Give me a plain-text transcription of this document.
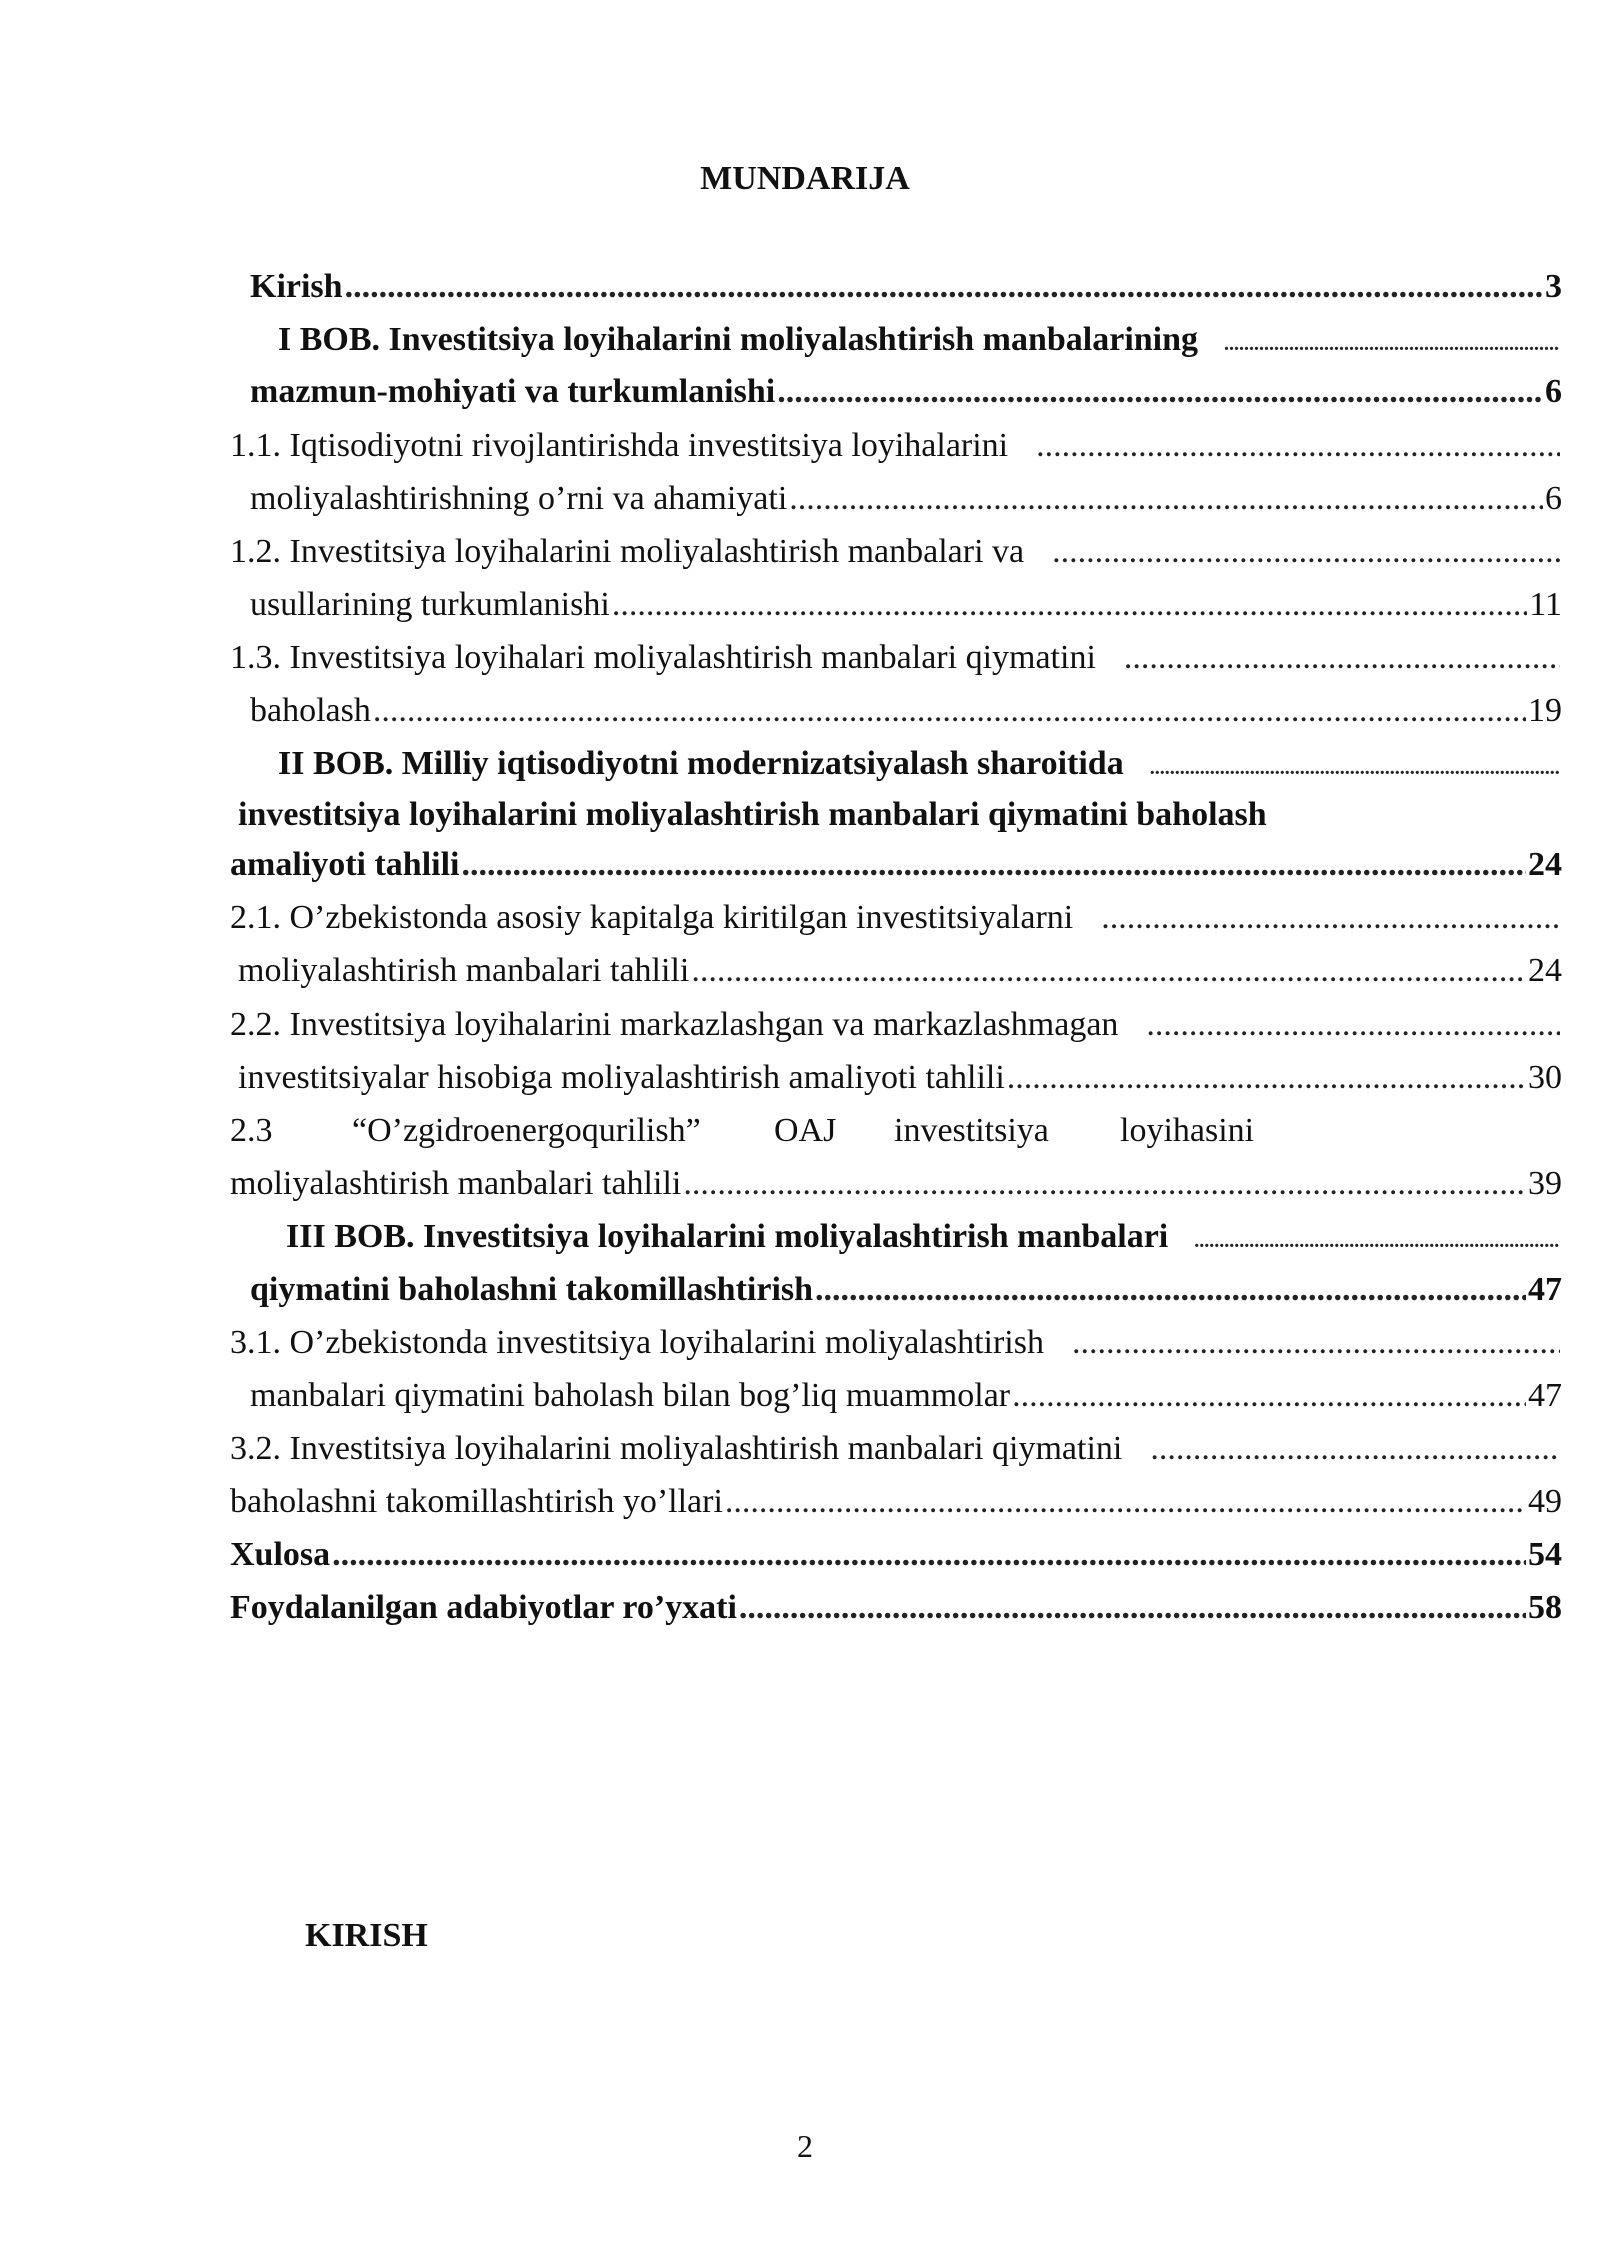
MUNDARIJA
Kirish .....	3
I BOB. Investitsiya loyihalarini moliyalashtirish manbalarining
.....
mazmun-mohiyati va turkumlanishi .....	6
1.1. Iqtisodiyotni rivojlantirishda investitsiya loyihalarini
.....
moliyalashtirishning o’rni va ahamiyati .....	6
1.2. Investitsiya loyihalarini moliyalashtirish manbalari va
.....
usullarining turkumlanishi .....	11
1.3. Investitsiya loyihalari moliyalashtirish manbalari qiymatini
.....
baholash .....	19
II BOB. Milliy iqtisodiyotni modernizatsiyalash sharoitida
.....
investitsiya loyihalarini moliyalashtirish manbalari qiymatini baholash
amaliyoti tahlili .....	24
2.1. O’zbekistonda asosiy kapitalga kiritilgan investitsiyalarni
.....
moliyalashtirish manbalari tahlili .....	24
2.2. Investitsiya loyihalarini markazlashgan va markazlashmagan
.....
investitsiyalar hisobiga moliyalashtirish amaliyoti tahlili .....	30
2.3 “O’zgidroenergoqurilish” OAJ investitsiya loyihasini
moliyalashtirish manbalari tahlili .....	39
III BOB. Investitsiya loyihalarini moliyalashtirish manbalari
.....
qiymatini baholashni takomillashtirish .....	47
3.1. O’zbekistonda investitsiya loyihalarini moliyalashtirish
.....
manbalari qiymatini baholash bilan bog’liq muammolar .....	47
3.2. Investitsiya loyihalarini moliyalashtirish manbalari qiymatini
.....
baholashni takomillashtirish yo’llari .....	49
Xulosa .....	54
Foydalanilgan adabiyotlar ro’yxati .....	58
KIRISH
2
